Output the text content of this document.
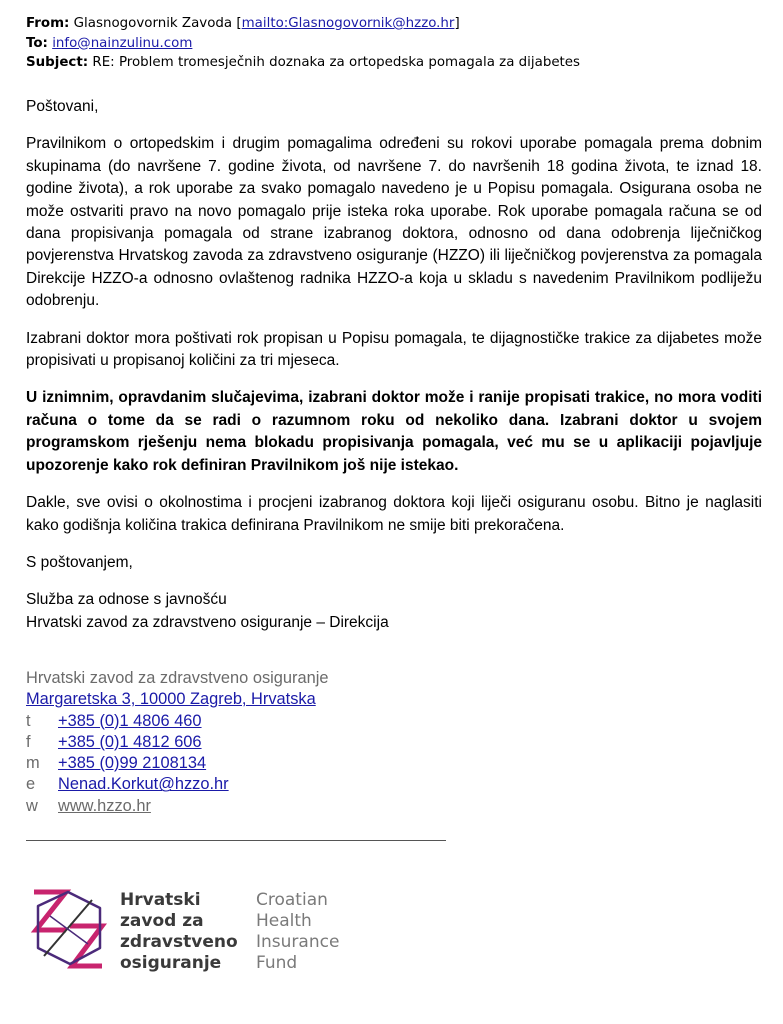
From: Glasnogovornik Zavoda [mailto:Glasnogovornik@hzzo.hr]
To: info@nainzulinu.com
Subject: RE: Problem tromesječnih doznaka za ortopedska pomagala za dijabetes

Poštovani,

Pravilnikom o ortopedskim i drugim pomagalima određeni su rokovi uporabe pomagala prema dobnim skupinama (do navršene 7. godine života, od navršene 7. do navršenih 18 godina života, te iznad 18. godine života), a rok uporabe za svako pomagalo navedeno je u Popisu pomagala. Osigurana osoba ne može ostvariti pravo na novo pomagalo prije isteka roka uporabe. Rok uporabe pomagala računa se od dana propisivanja pomagala od strane izabranog doktora, odnosno od dana odobrenja liječničkog povjerenstva Hrvatskog zavoda za zdravstveno osiguranje (HZZO) ili liječničkog povjerenstva za pomagala Direkcije HZZO-a odnosno ovlaštenog radnika HZZO-a koja u skladu s navedenim Pravilnikom podliježu odobrenju.

Izabrani doktor mora poštivati rok propisan u Popisu pomagala, te dijagnostičke trakice za dijabetes može propisivati u propisanoj količini za tri mjeseca.

U iznimnim, opravdanim slučajevima, izabrani doktor može i ranije propisati trakice, no mora voditi računa o tome da se radi o razumnom roku od nekoliko dana. Izabrani doktor u svojem programskom rješenju nema blokadu propisivanja pomagala, već mu se u aplikaciji pojavljuje upozorenje kako rok definiran Pravilnikom još nije istekao.

Dakle, sve ovisi o okolnostima i procjeni izabranog doktora koji liječi osiguranu osobu. Bitno je naglasiti kako godišnja količina trakica definirana Pravilnikom ne smije biti prekoračena.

S poštovanjem,

Služba za odnose s javnošću
Hrvatski zavod za zdravstveno osiguranje – Direkcija
Hrvatski zavod za zdravstveno osiguranje
Margaretska 3, 10000 Zagreb, Hrvatska
t	+385 (0)1 4806 460
f	+385 (0)1 4812 606
m	+385 (0)99 2108134
e	Nenad.Korkut@hzzo.hr
w	www.hzzo.hr
Hrvatski
zavod za
zdravstveno
osiguranje
Croatian
Health
Insurance
Fund
